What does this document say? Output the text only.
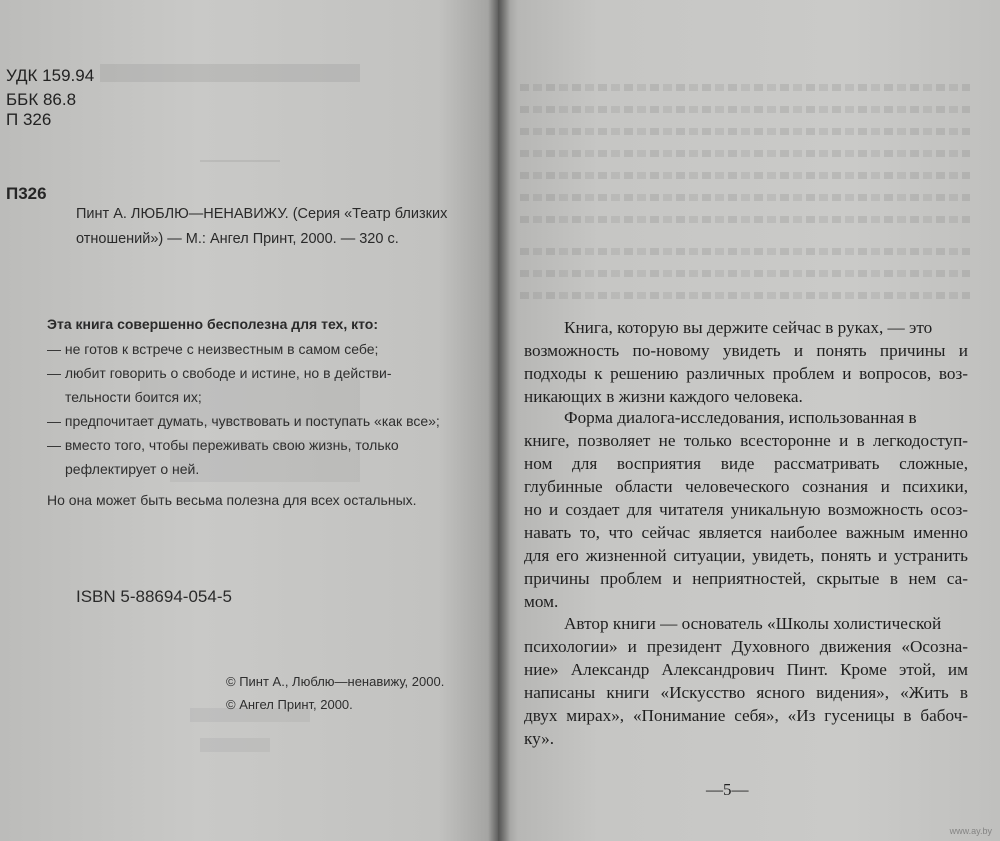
УДК 159.94
ББК 86.8
П 326
П326
Пинт А. ЛЮБЛЮ—НЕНАВИЖУ. (Серия «Театр близких
отношений») — М.: Ангел Принт, 2000. — 320 с.
Эта книга совершенно бесполезна для тех, кто:
— не готов к встрече с неизвестным в самом себе;
— любит говорить о свободе и истине, но в действи-
тельности боится их;
— предпочитает думать, чувствовать и поступать «как все»;
— вместо того, чтобы переживать свою жизнь, только
рефлектирует о ней.
Но она может быть весьма полезна для всех остальных.
ISBN 5-88694-054-5
© Пинт А., Люблю—ненавижу, 2000.
© Ангел Принт, 2000.
Книга, которую вы держите сейчас в руках, — это
возможность по-новому увидеть и понять причины и
подходы к решению различных проблем и вопросов, воз-
никающих в жизни каждого человека.
Форма диалога-исследования, использованная в
книге, позволяет не только всесторонне и в легкодоступ-
ном для восприятия виде рассматривать сложные,
глубинные области человеческого сознания и психики,
но и создает для читателя уникальную возможность осоз-
навать то, что сейчас является наиболее важным именно
для его жизненной ситуации, увидеть, понять и устранить
причины проблем и неприятностей, скрытые в нем са-
мом.
Автор книги — основатель «Школы холистической
психологии» и президент Духовного движения «Осозна-
ние» Александр Александрович Пинт. Кроме этой, им
написаны книги «Искусство ясного видения», «Жить в
двух мирах», «Понимание себя», «Из гусеницы в бабоч-
ку».
—5—
www.ay.by
